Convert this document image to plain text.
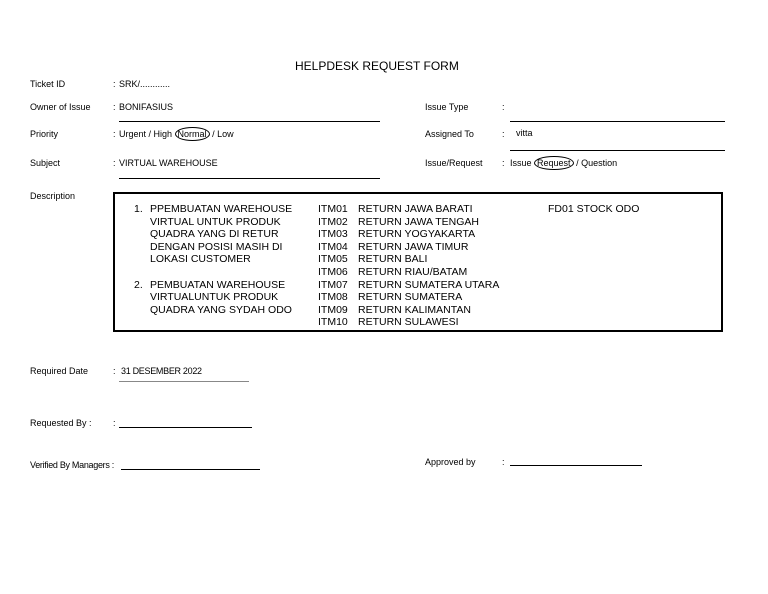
HELPDESK REQUEST FORM
Ticket ID
Owner of Issue
Priority
Subject
Description
Required Date
Requested By :
Verified By Managers :
:
:
:
:
:
:
SRK/............
BONIFASIUS
Urgent / High Normal / Low
VIRTUAL WAREHOUSE
31 DESEMBER 2022
Issue Type
Assigned To
Issue/Request
Approved by
:
:
:
:
vitta
Issue Request / Question
1. PPEMBUATAN WAREHOUSE
VIRTUAL UNTUK PRODUK
QUADRA YANG DI RETUR
DENGAN POSISI MASIH DI
LOKASI CUSTOMER
2. PEMBUATAN WAREHOUSE
VIRTUALUNTUK PRODUK
QUADRA YANG SYDAH ODO
ITM01 RETURN JAWA BARATI
ITM02 RETURN JAWA TENGAH
ITM03 RETURN YOGYAKARTA
ITM04 RETURN JAWA TIMUR
ITM05 RETURN BALI
ITM06 RETURN RIAU/BATAM
ITM07 RETURN SUMATERA UTARA
ITM08 RETURN SUMATERA
ITM09 RETURN KALIMANTAN
ITM10 RETURN SULAWESI
FD01 STOCK ODO
